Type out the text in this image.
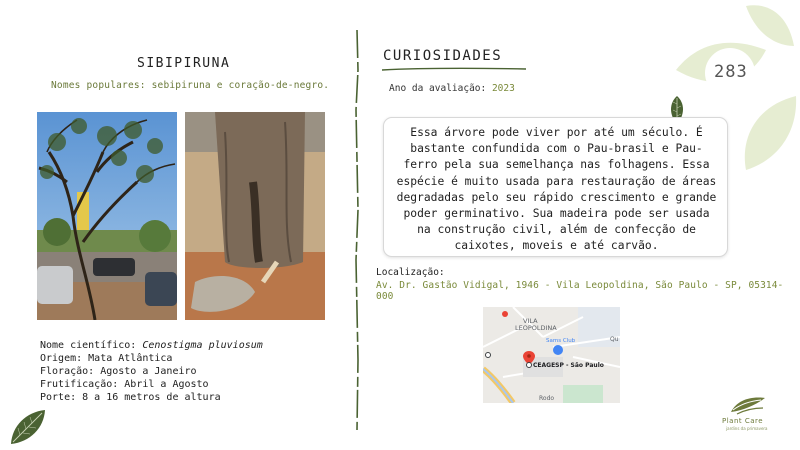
283
SIBIPIRUNA
Nomes populares: sebipiruna e coração-de-negro.
Nome científico: Cenostigma pluviosum
Origem: Mata Atlântica
Floração: Agosto a Janeiro
Frutificação: Abril a Agosto
Porte: 8 a 16 metros de altura
CURIOSIDADES
Ano da avaliação: 2023
Essa árvore pode viver por até um século. É bastante confundida com o Pau-brasil e Pau-ferro pela sua semelhança nas folhagens. Essa espécie é muito usada para restauração de áreas degradadas pelo seu rápido crescimento e grande poder germinativo. Sua madeira pode ser usada na construção civil, além de confecção de caixotes, moveis e até carvão.
Localização:
Av. Dr. Gastão Vidigal, 1946 - Vila Leopoldina, São Paulo - SP, 05314-000
VILA
LEOPOLDINA
Sams Club
CEAGESP - São Paulo
Rodo
Qu
Plant Care
jardins da primavera
